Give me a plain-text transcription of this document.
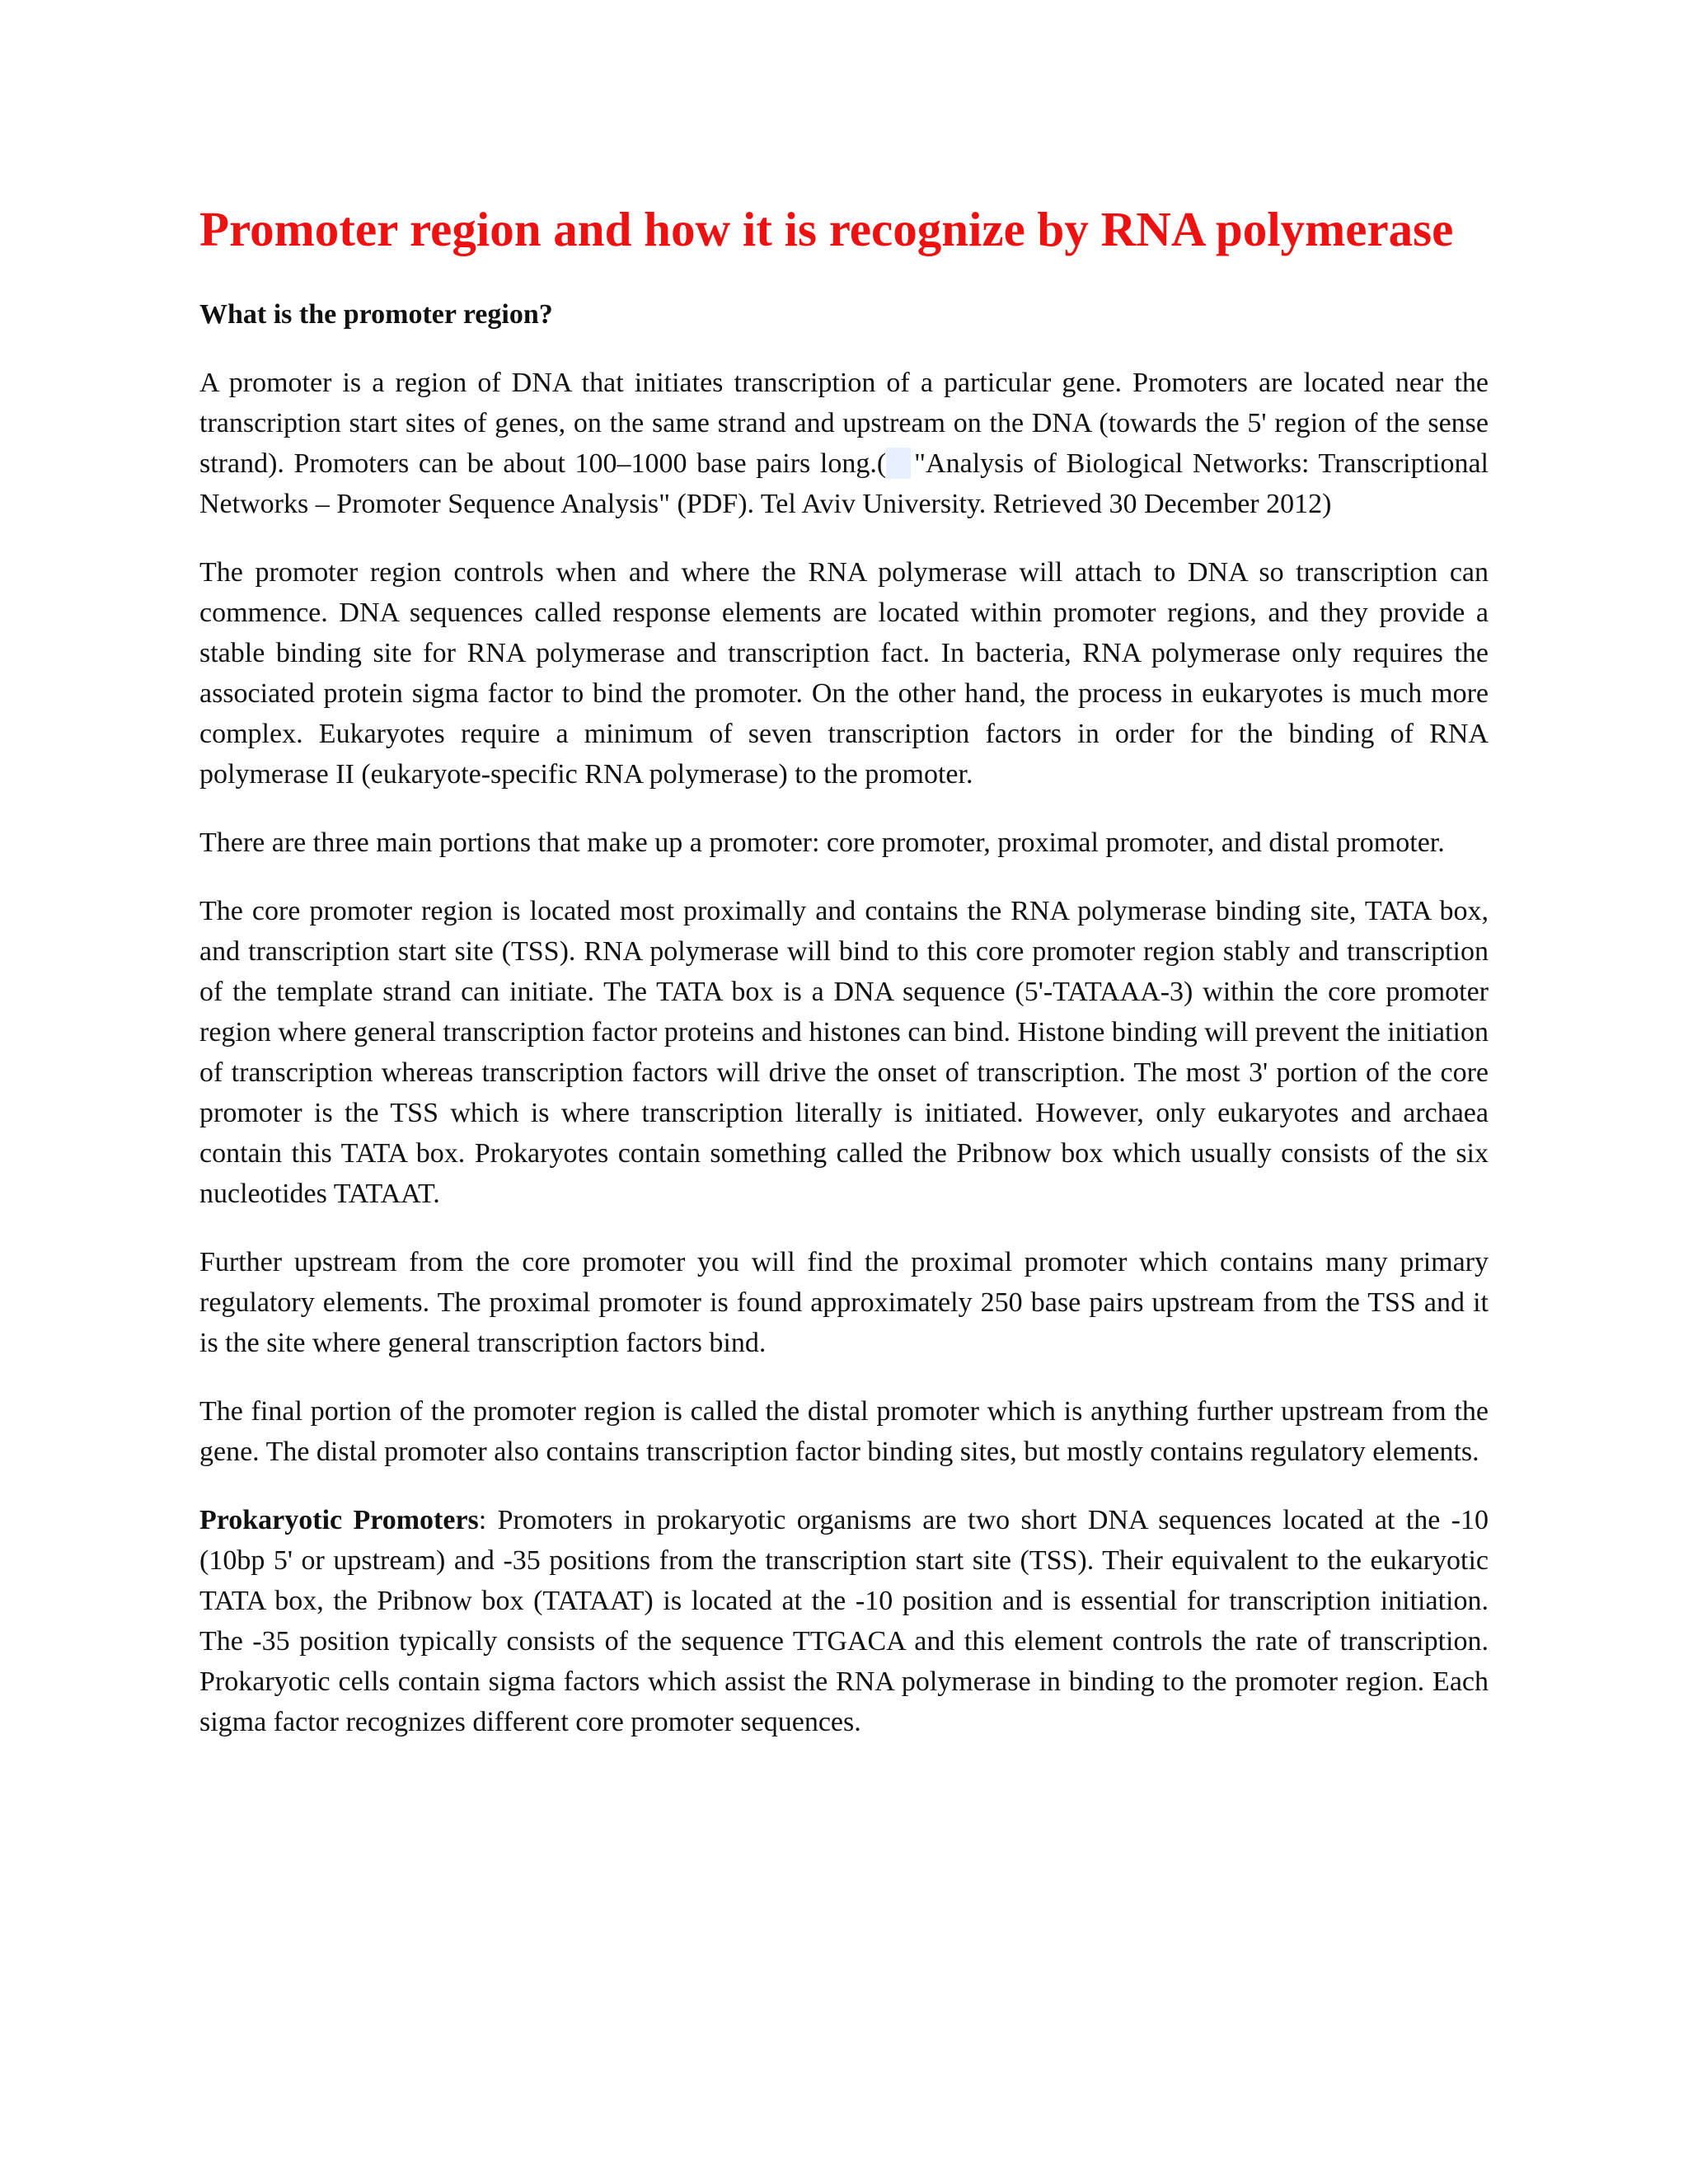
Promoter region and how it is recognize by RNA polymerase
What is the promoter region?

A promoter is a region of DNA that initiates transcription of a particular gene. Promoters are located near the transcription start sites of genes, on the same strand and upstream on the DNA (towards the 5' region of the sense strand). Promoters can be about 100–1000 base pairs long.( "Analysis of Biological Networks: Transcriptional Networks – Promoter Sequence Analysis" (PDF). Tel Aviv University. Retrieved 30 December 2012)

The promoter region controls when and where the RNA polymerase will attach to DNA so transcription can commence. DNA sequences called response elements are located within promoter regions, and they provide a stable binding site for RNA polymerase and transcription fact. In bacteria, RNA polymerase only requires the associated protein sigma factor to bind the promoter. On the other hand, the process in eukaryotes is much more complex. Eukaryotes require a minimum of seven transcription factors in order for the binding of RNA polymerase II (eukaryote-specific RNA polymerase) to the promoter.

There are three main portions that make up a promoter: core promoter, proximal promoter, and distal promoter.

The core promoter region is located most proximally and contains the RNA polymerase binding site, TATA box, and transcription start site (TSS). RNA polymerase will bind to this core promoter region stably and transcription of the template strand can initiate. The TATA box is a DNA sequence (5'-TATAAA-3) within the core promoter region where general transcription factor proteins and histones can bind. Histone binding will prevent the initiation of transcription whereas transcription factors will drive the onset of transcription. The most 3' portion of the core promoter is the TSS which is where transcription literally is initiated. However, only eukaryotes and archaea contain this TATA box. Prokaryotes contain something called the Pribnow box which usually consists of the six nucleotides TATAAT.

Further upstream from the core promoter you will find the proximal promoter which contains many primary regulatory elements. The proximal promoter is found approximately 250 base pairs upstream from the TSS and it is the site where general transcription factors bind.

The final portion of the promoter region is called the distal promoter which is anything further upstream from the gene. The distal promoter also contains transcription factor binding sites, but mostly contains regulatory elements.

Prokaryotic Promoters: Promoters in prokaryotic organisms are two short DNA sequences located at the -10 (10bp 5' or upstream) and -35 positions from the transcription start site (TSS). Their equivalent to the eukaryotic TATA box, the Pribnow box (TATAAT) is located at the -10 position and is essential for transcription initiation. The -35 position typically consists of the sequence TTGACA and this element controls the rate of transcription. Prokaryotic cells contain sigma factors which assist the RNA polymerase in binding to the promoter region. Each sigma factor recognizes different core promoter sequences.
